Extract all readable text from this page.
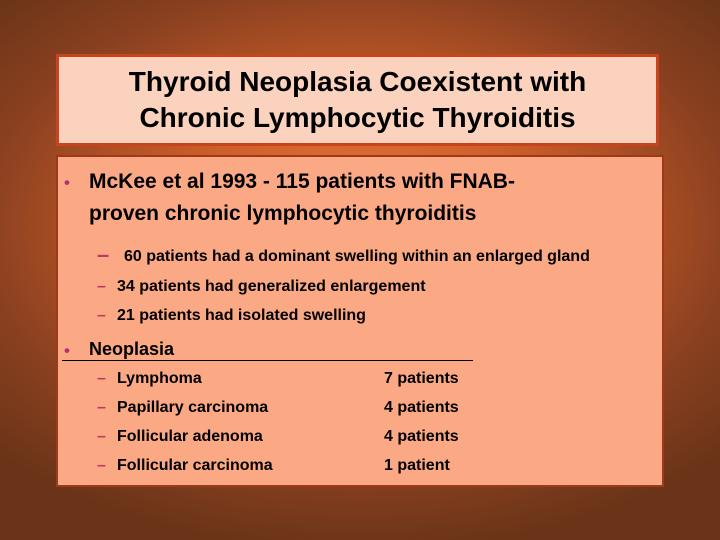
Thyroid Neoplasia Coexistent with
Chronic Lymphocytic Thyroiditis
• McKee et al 1993 - 115 patients with FNAB-
proven chronic lymphocytic thyroiditis
– 60 patients had a dominant swelling within an enlarged gland
– 34 patients had generalized enlargement
– 21 patients had isolated swelling
• Neoplasia
– Lymphoma	7 patients
– Papillary carcinoma	4 patients
– Follicular adenoma	4 patients
– Follicular carcinoma	1 patient
